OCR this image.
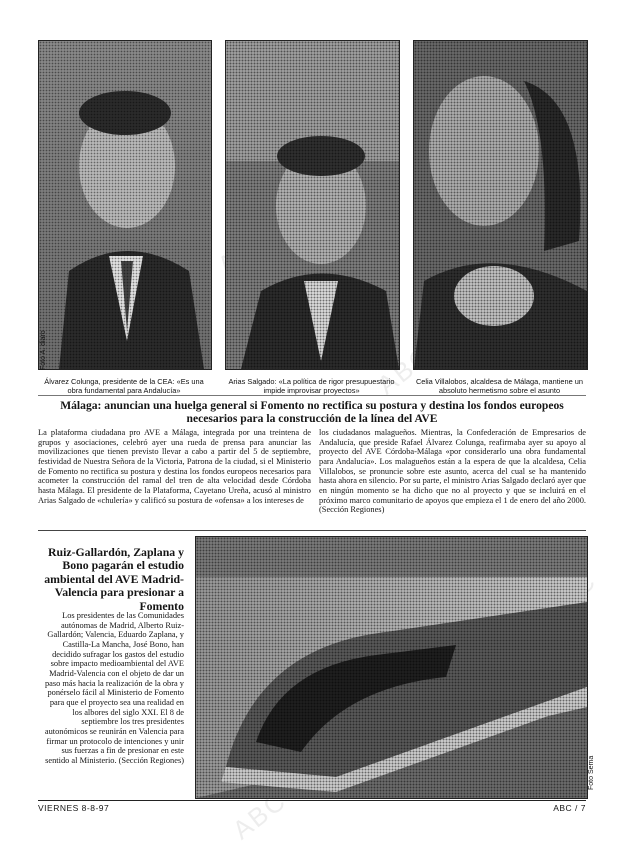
ABC
ABC
Foto A. diaro
Álvarez Colunga, presidente de la CEA: «Es una obra fundamental para Andalucía»
Arias Salgado: «La política de rigor presupuestario impide improvisar proyectos»
Celia Villalobos, alcaldesa de Málaga, mantiene un absoluto hermetismo sobre el asunto
Málaga: anuncian una huelga general si Fomento no rectifica su postura y destina los fondos europeos necesarios para la construcción de la línea del AVE
La plataforma ciudadana pro AVE a Málaga, integrada por una treintena de grupos y asociaciones, celebró ayer una rueda de prensa para anunciar las movilizaciones que tienen previsto llevar a cabo a partir del 5 de septiembre, festividad de Nuestra Señora de la Victoria, Patrona de la ciudad, si el Ministerio de Fomento no rectifica su postura y destina los fondos europeos necesarios para acometer la construcción del ramal del tren de alta velocidad desde Córdoba hasta Málaga. El presidente de la Plataforma, Cayetano Ureña, acusó al ministro Arias Salgado de «chulería» y calificó su postura de «ofensa» a los intereses de
los ciudadanos malagueños. Mientras, la Confederación de Empresarios de Andalucía, que preside Rafael Álvarez Colunga, reafirmaba ayer su apoyo al proyecto del AVE Córdoba-Málaga «por considerarlo una obra fundamental para Andalucía». Los malagueños están a la espera de que la alcaldesa, Celia Villalobos, se pronuncie sobre este asunto, acerca del cual se ha mantenido hasta ahora en silencio. Por su parte, el ministro Arias Salgado declaró ayer que en ningún momento se ha dicho que no al proyecto y que se incluirá en el próximo marco comunitario de apoyos que empieza el 1 de enero del año 2000. (Sección Regiones)
Ruiz-Gallardón, Zaplana y Bono pagarán el estudio ambiental del AVE Madrid-Valencia para presionar a Fomento
Los presidentes de las Comunidades autónomas de Madrid, Alberto Ruiz-Gallardón; Valencia, Eduardo Zaplana, y Castilla-La Mancha, José Bono, han decidido sufragar los gastos del estudio sobre impacto medioambiental del AVE Madrid-Valencia con el objeto de dar un paso más hacia la realización de la obra y ponérselo fácil al Ministerio de Fomento para que el proyecto sea una realidad en los albores del siglo XXI. El 8 de septiembre los tres presidentes autonómicos se reunirán en Valencia para firmar un protocolo de intenciones y unir sus fuerzas a fin de presionar en este sentido al Ministerio. (Sección Regiones)	Foto Sema
VIERNES 8-8-97	ABC / 7
